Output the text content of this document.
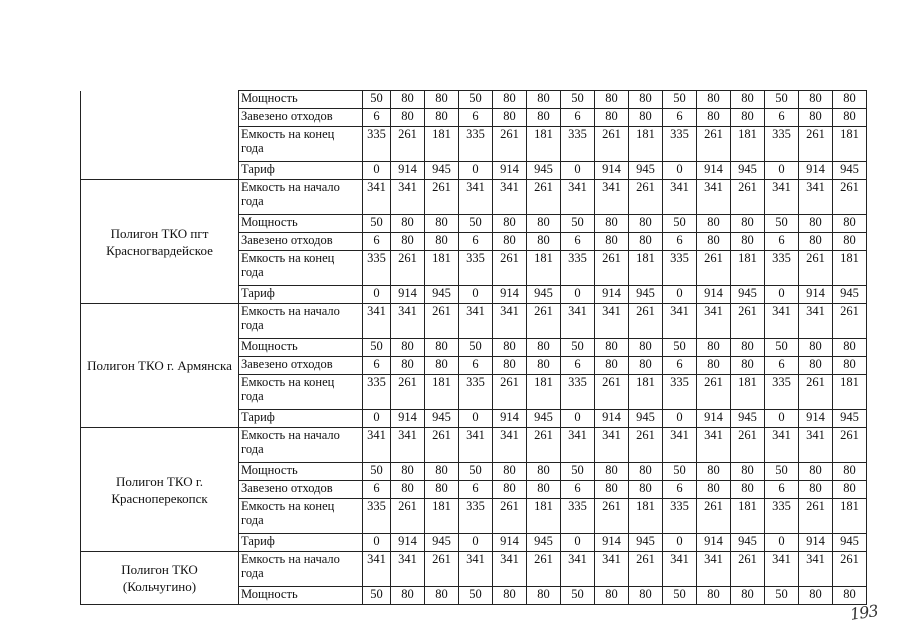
	Мощность	50	80	80	50	80	80	50	80	80	50	80	80	50	80	80
	Завезено отходов	6	80	80	6	80	80	6	80	80	6	80	80	6	80	80
	Емкость на конец года	335	261	181	335	261	181	335	261	181	335	261	181	335	261	181
	Тариф	0	914	945	0	914	945	0	914	945	0	914	945	0	914	945
Полигон ТКО пгт Красногвардейское	Емкость на начало года	341	341	261	341	341	261	341	341	261	341	341	261	341	341	261
	Мощность	50	80	80	50	80	80	50	80	80	50	80	80	50	80	80
	Завезено отходов	6	80	80	6	80	80	6	80	80	6	80	80	6	80	80
	Емкость на конец года	335	261	181	335	261	181	335	261	181	335	261	181	335	261	181
	Тариф	0	914	945	0	914	945	0	914	945	0	914	945	0	914	945
Полигон ТКО г. Армянска	Емкость на начало года	341	341	261	341	341	261	341	341	261	341	341	261	341	341	261
	Мощность	50	80	80	50	80	80	50	80	80	50	80	80	50	80	80
	Завезено отходов	6	80	80	6	80	80	6	80	80	6	80	80	6	80	80
	Емкость на конец года	335	261	181	335	261	181	335	261	181	335	261	181	335	261	181
	Тариф	0	914	945	0	914	945	0	914	945	0	914	945	0	914	945
Полигон ТКО г. Красноперекопск	Емкость на начало года	341	341	261	341	341	261	341	341	261	341	341	261	341	341	261
	Мощность	50	80	80	50	80	80	50	80	80	50	80	80	50	80	80
	Завезено отходов	6	80	80	6	80	80	6	80	80	6	80	80	6	80	80
	Емкость на конец года	335	261	181	335	261	181	335	261	181	335	261	181	335	261	181
	Тариф	0	914	945	0	914	945	0	914	945	0	914	945	0	914	945
Полигон ТКО (Кольчугино)	Емкость на начало года	341	341	261	341	341	261	341	341	261	341	341	261	341	341	261
	Мощность	50	80	80	50	80	80	50	80	80	50	80	80	50	80	80
193
